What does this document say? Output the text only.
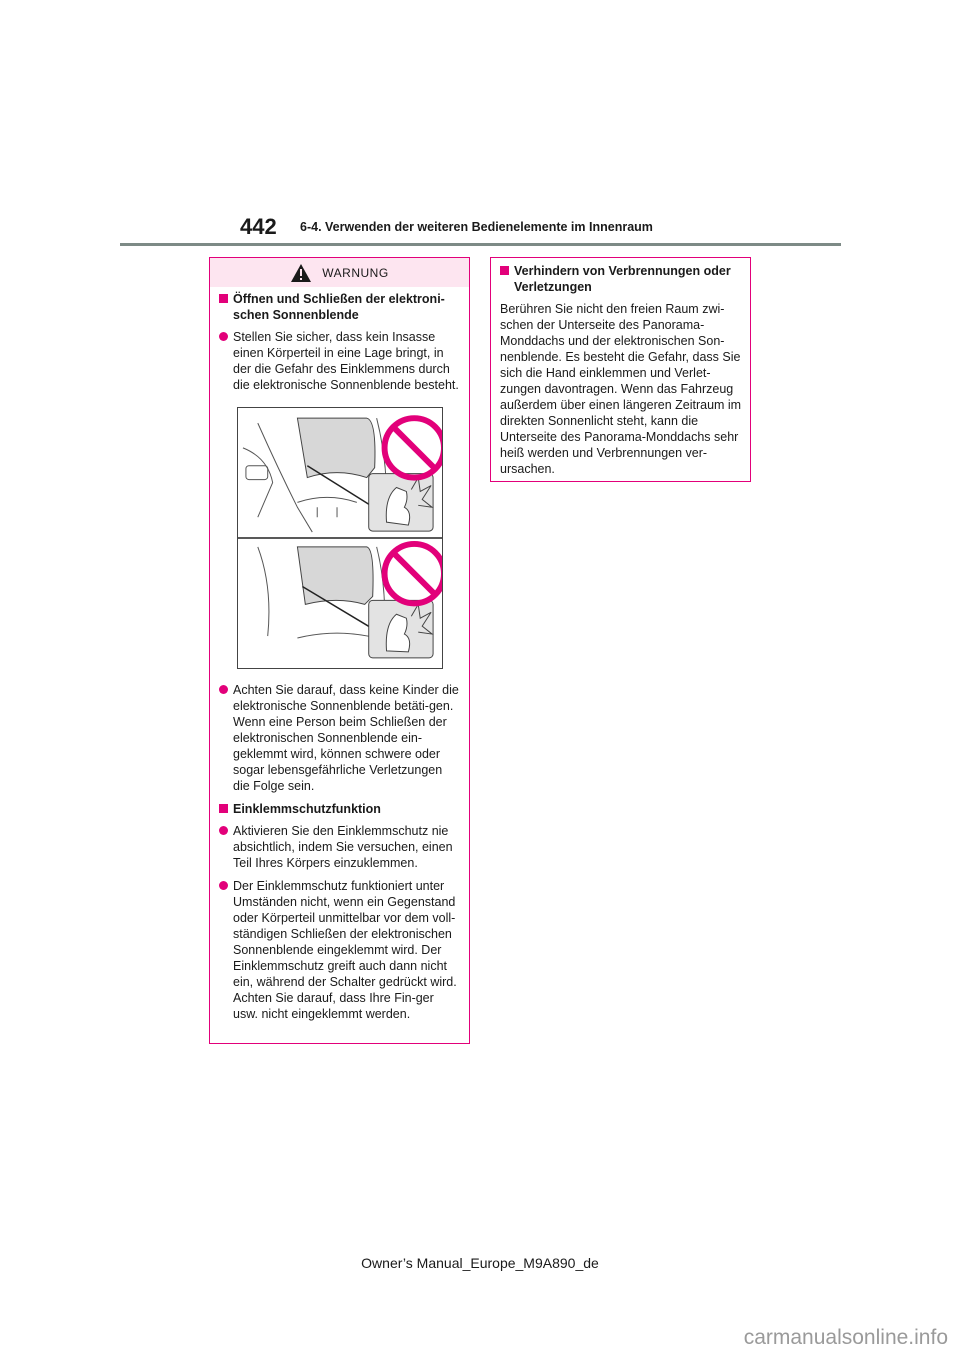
442 6-4. Verwenden der weiteren Bedienelemente im Innenraum
WARNUNG
Öffnen und Schließen der elektroni-schen Sonnenblende
Stellen Sie sicher, dass kein Insasse einen Körperteil in eine Lage bringt, in der die Gefahr des Einklemmens durch die elektronische Sonnenblende besteht.
Achten Sie darauf, dass keine Kinder die elektronische Sonnenblende betäti-gen. Wenn eine Person beim Schließen der elektronischen Sonnenblende ein-geklemmt wird, können schwere oder sogar lebensgefährliche Verletzungen die Folge sein.
Einklemmschutzfunktion
Aktivieren Sie den Einklemmschutz nie absichtlich, indem Sie versuchen, einen Teil Ihres Körpers einzuklemmen.
Der Einklemmschutz funktioniert unter Umständen nicht, wenn ein Gegenstand oder Körperteil unmittelbar vor dem voll-ständigen Schließen der elektronischen Sonnenblende eingeklemmt wird. Der Einklemmschutz greift auch dann nicht ein, während der Schalter gedrückt wird. Achten Sie darauf, dass Ihre Fin-ger usw. nicht eingeklemmt werden.
Verhindern von Verbrennungen oder Verletzungen

Berühren Sie nicht den freien Raum zwi-schen der Unterseite des Panorama-Monddachs und der elektronischen Son-nenblende. Es besteht die Gefahr, dass Sie sich die Hand einklemmen und Verlet-zungen davontragen. Wenn das Fahrzeug außerdem über einen längeren Zeitraum im direkten Sonnenlicht steht, kann die Unterseite des Panorama-Monddachs sehr heiß werden und Verbrennungen ver-ursachen.

Owner’s Manual_Europe_M9A890_de
carmanualsonline.info
